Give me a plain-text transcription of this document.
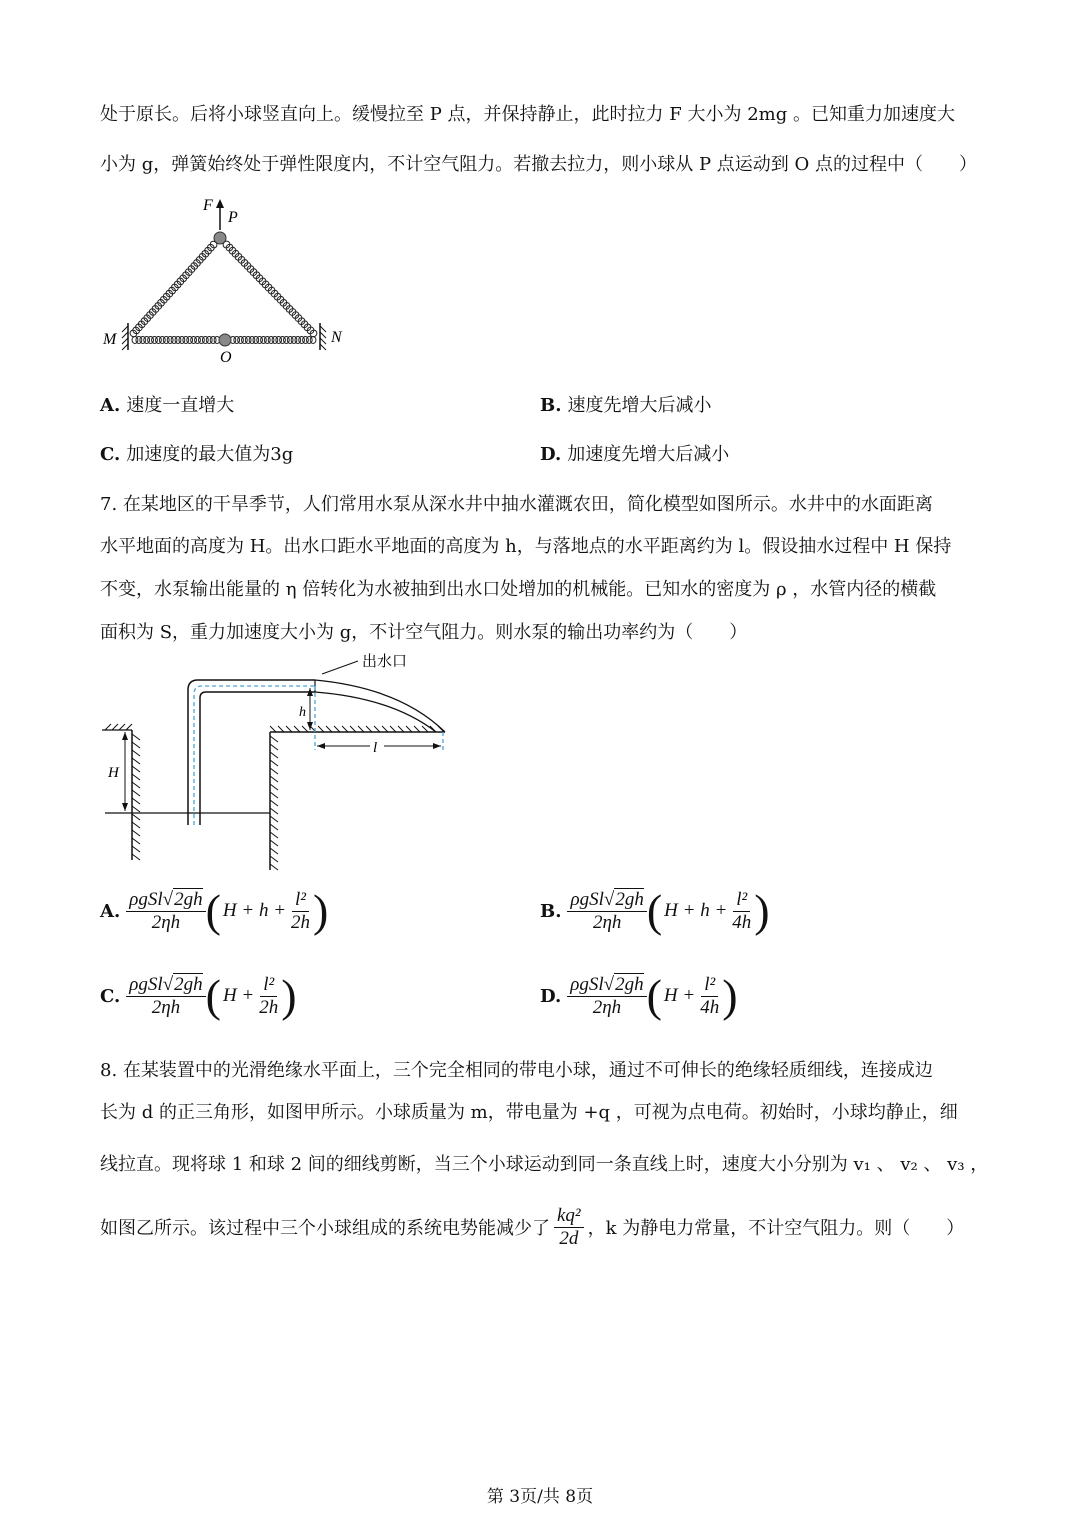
处于原长。后将小球竖直向上。缓慢拉至 P 点，并保持静止，此时拉力 F 大小为 2mg 。已知重力加速度大
小为 g，弹簧始终处于弹性限度内，不计空气阻力。若撤去拉力，则小球从 P 点运动到 O 点的过程中（　　）
F
P
M	N
O
A. 速度一直增大	B. 速度先增大后减小
C. 加速度的最大值为3g	D. 加速度先增大后减小
7. 在某地区的干旱季节，人们常用水泵从深水井中抽水灌溉农田，简化模型如图所示。水井中的水面距离
水平地面的高度为 H。出水口距水平地面的高度为 h，与落地点的水平距离约为 l。假设抽水过程中 H 保持
不变，水泵输出能量的 η 倍转化为水被抽到出水口处增加的机械能。已知水的密度为 ρ ，水管内径的横截
面积为 S，重力加速度大小为 g，不计空气阻力。则水泵的输出功率约为（　　）
H
h
l
出水口
A. $\frac{\text{ρgSl√2gh}}{2\eta h}$ ( $H + h + \frac{\text{l²}}{2h}$ )	B. $\frac{\text{ρgSl√2gh}}{2\eta h}$ ( $H + h + \frac{\text{l²}}{4h}$ )
C. $\frac{\text{ρgSl√2gh}}{2\eta h}$ ( $H + \frac{\text{l²}}{2h}$ )	D. $\frac{\text{ρgSl√2gh}}{2\eta h}$ ( $H + \frac{\text{l²}}{4h}$ )
8. 在某装置中的光滑绝缘水平面上，三个完全相同的带电小球，通过不可伸长的绝缘轻质细线，连接成边
长为 d 的正三角形，如图甲所示。小球质量为 m，带电量为 +q ，可视为点电荷。初始时，小球均静止，细
线拉直。现将球 1 和球 2 间的细线剪断，当三个小球运动到同一条直线上时，速度大小分别为 v₁ 、 v₂ 、 v₃ ，
如图乙所示。该过程中三个小球组成的系统电势能减少了 $\frac{\text{kq²}}{2d}$ ，k 为静电力常量，不计空气阻力。则（　　）
第 3页/共 8页
